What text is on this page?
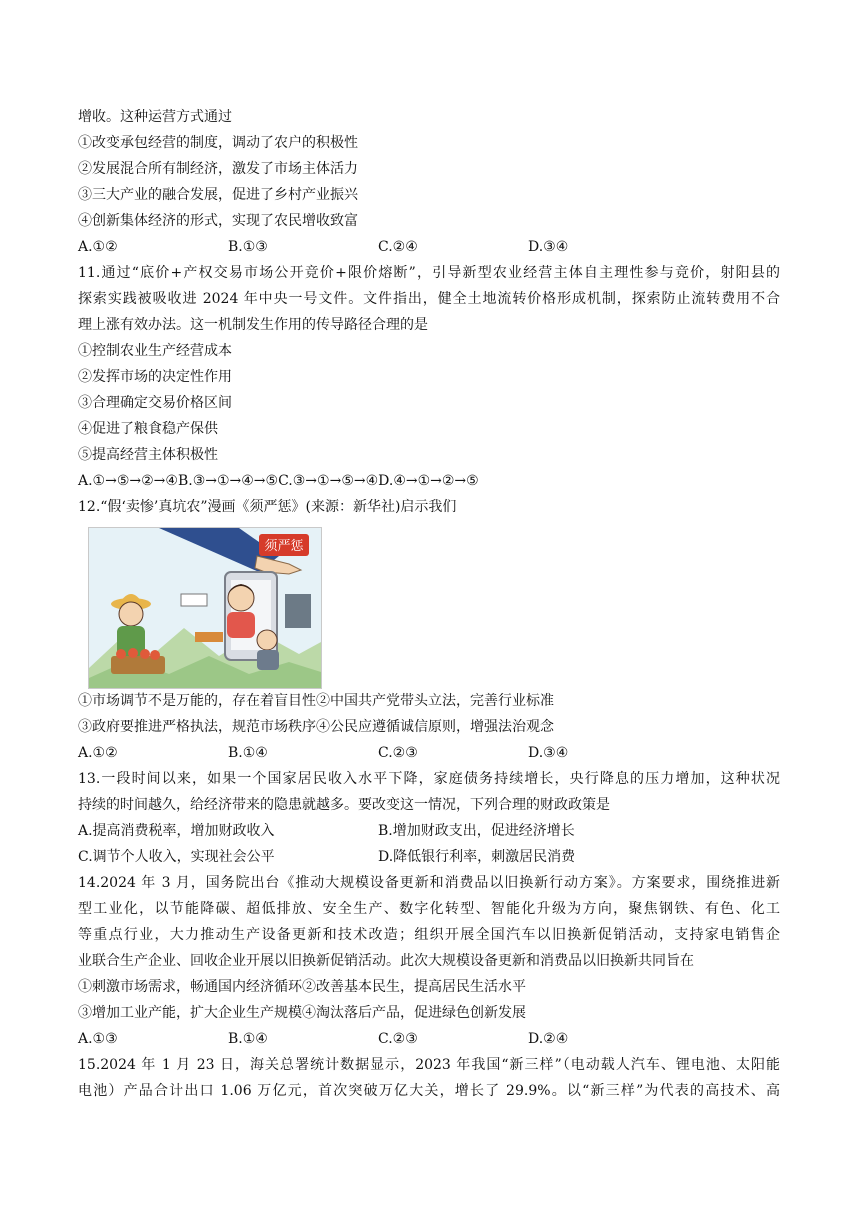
增收。这种运营方式通过
①改变承包经营的制度，调动了农户的积极性
②发展混合所有制经济，激发了市场主体活力
③三大产业的融合发展，促进了乡村产业振兴
④创新集体经济的形式，实现了农民增收致富
A.①②	B.①③	C.②④	D.③④
11.通过“底价+产权交易市场公开竞价+限价熔断”，引导新型农业经营主体自主理性参与竞价，射阳县的
探索实践被吸收进 2024 年中央一号文件。文件指出，健全土地流转价格形成机制，探索防止流转费用不合
理上涨有效办法。这一机制发生作用的传导路径合理的是
①控制农业生产经营成本
②发挥市场的决定性作用
③合理确定交易价格区间
④促进了粮食稳产保供
⑤提高经营主体积极性
A.①→⑤→②→④B.③→①→④→⑤C.③→①→⑤→④D.④→①→②→⑤
12.“假‘卖惨’真坑农”漫画《须严惩》(来源：新华社)启示我们
须严惩
①市场调节不是万能的，存在着盲目性②中国共产党带头立法，完善行业标准
③政府要推进严格执法，规范市场秩序④公民应遵循诚信原则，增强法治观念
A.①②	B.①④	C.②③	D.③④
13.一段时间以来，如果一个国家居民收入水平下降，家庭债务持续增长，央行降息的压力增加，这种状况
持续的时间越久，给经济带来的隐患就越多。要改变这一情况，下列合理的财政政策是
A.提高消费税率，增加财政收入	B.增加财政支出，促进经济增长
C.调节个人收入，实现社会公平	D.降低银行利率，刺激居民消费
14.2024 年 3 月，国务院出台《推动大规模设备更新和消费品以旧换新行动方案》。方案要求，围绕推进新
型工业化，以节能降碳、超低排放、安全生产、数字化转型、智能化升级为方向，聚焦钢铁、有色、化工
等重点行业，大力推动生产设备更新和技术改造；组织开展全国汽车以旧换新促销活动，支持家电销售企
业联合生产企业、回收企业开展以旧换新促销活动。此次大规模设备更新和消费品以旧换新共同旨在
①刺激市场需求，畅通国内经济循环②改善基本民生，提高居民生活水平
③增加工业产能，扩大企业生产规模④淘汰落后产品，促进绿色创新发展
A.①③	B.①④	C.②③	D.②④
15.2024 年 1 月 23 日，海关总署统计数据显示，2023 年我国“新三样”（电动载人汽车、锂电池、太阳能
电池）产品合计出口 1.06 万亿元，首次突破万亿大关，增长了 29.9%。以“新三样”为代表的高技术、高
